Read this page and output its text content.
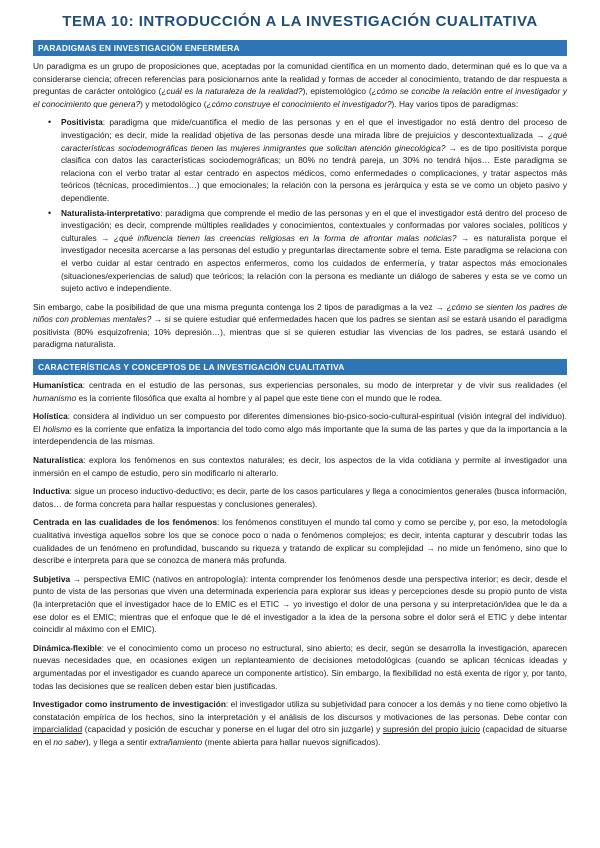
TEMA 10: INTRODUCCIÓN A LA INVESTIGACIÓN CUALITATIVA
PARADIGMAS EN INVESTIGACIÓN ENFERMERA

Un paradigma es un grupo de proposiciones que, aceptadas por la comunidad científica en un momento dado, determinan qué es lo que va a considerarse ciencia; ofrecen referencias para posicionarnos ante la realidad y formas de acceder al conocimiento, tratando de dar respuesta a preguntas de carácter ontológico (¿cuál es la naturaleza de la realidad?), epistemológico (¿cómo se concibe la relación entre el investigador y el conocimiento que genera?) y metodológico (¿cómo construye el conocimiento el investigador?). Hay varios tipos de paradigmas:

• Positivista: paradigma que mide/cuantifica el medio de las personas y en el que el investigador no está dentro del proceso de investigación; es decir, mide la realidad objetiva de las personas desde una mirada libre de prejuicios y descontextualizada → ¿qué características sociodemográficas tienen las mujeres inmigrantes que solicitan atención ginecológica? → es de tipo positivista porque clasifica con datos las características sociodemográficas; un 80% no tendrá pareja, un 30% no tendrá hijos… Este paradigma se relaciona con el verbo tratar al estar centrado en aspectos médicos, como enfermedades o complicaciones, y tratar aspectos más teóricos (técnicas, procedimientos…) que emocionales; la relación con la persona es jerárquica y esta se ve como un objeto pasivo y dependiente.
• Naturalista-interpretativo: paradigma que comprende el medio de las personas y en el que el investigador está dentro del proceso de investigación; es decir, comprende múltiples realidades y conocimientos, contextuales y conformadas por valores sociales, políticos y culturales → ¿qué influencia tienen las creencias religiosas en la forma de afrontar malas noticias? → es naturalista porque el investigador necesita acercarse a las personas del estudio y preguntarlas directamente sobre el tema. Este paradigma se relaciona con el verbo cuidar al estar centrado en aspectos enfermeros, como los cuidados de enfermería, y tratar aspectos más emocionales (situaciones/experiencias de salud) que teóricos; la relación con la persona es mediante un diálogo de saberes y esta se ve como un sujeto activo e independiente.

Sin embargo, cabe la posibilidad de que una misma pregunta contenga los 2 tipos de paradigmas a la vez → ¿cómo se sienten los padres de niños con problemas mentales? → si se quiere estudiar qué enfermedades hacen que los padres se sientan así se estará usando el paradigma positivista (80% esquizofrenia; 10% depresión…), mientras que si se quieren estudiar las vivencias de los padres, se estará usando el paradigma naturalista.

CARACTERÍSTICAS Y CONCEPTOS DE LA INVESTIGACIÓN CUALITATIVA

Humanística: centrada en el estudio de las personas, sus experiencias personales, su modo de interpretar y de vivir sus realidades (el humanismo es la corriente filosófica que exalta al hombre y al papel que este tiene con el mundo que le rodea.

Holística: considera al individuo un ser compuesto por diferentes dimensiones bio-psico-socio-cultural-espiritual (visión integral del individuo). El holismo es la corriente que enfatiza la importancia del todo como algo más importante que la suma de las partes y que da la importancia a la interdependencia de las mismas.

Naturalística: explora los fenómenos en sus contextos naturales; es decir, los aspectos de la vida cotidiana y permite al investigador una inmersión en el campo de estudio, pero sin modificarlo ni alterarlo.

Inductiva: sigue un proceso inductivo-deductivo; es decir, parte de los casos particulares y llega a conocimientos generales (busca información, datos… de forma concreta para hallar respuestas y conclusiones generales).

Centrada en las cualidades de los fenómenos: los fenómenos constituyen el mundo tal como y como se percibe y, por eso, la metodología cualitativa investiga aquellos sobre los que se conoce poco o nada o fenómenos complejos; es decir, intenta capturar y descubrir todas las cualidades de un fenómeno en profundidad, buscando su riqueza y tratando de explicar su complejidad → no mide un fenómeno, sino que lo describe e interpreta para que se conozca de manera más profunda.

Subjetiva → perspectiva EMIC (nativos en antropología): intenta comprender los fenómenos desde una perspectiva interior; es decir, desde el punto de vista de las personas que viven una determinada experiencia para explorar sus ideas y percepciones desde su propio punto de vista (la interpretación que el investigador hace de lo EMIC es el ETIC → yo investigo el dolor de una persona y su interpretación/idea que le da a ese dolor es el EMIC; mientras que el enfoque que le dé el investigador a la idea de la persona sobre el dolor será el ETIC y debe intentar coincidir al máximo con el EMIC).

Dinámica-flexible: ve el conocimiento como un proceso no estructural, sino abierto; es decir, según se desarrolla la investigación, aparecen nuevas necesidades que, en ocasiones exigen un replanteamiento de decisiones metodológicas (cuando se aplican técnicas ideadas y argumentadas por el investigador es cuando aparece un componente artístico). Sin embargo, la flexibilidad no está exenta de rigor y, por tanto, todas las decisiones que se realicen deben estar bien justificadas.

Investigador como instrumento de investigación: el investigador utiliza su subjetividad para conocer a los demás y no tiene como objetivo la constatación empírica de los hechos, sino la interpretación y el análisis de los discursos y motivaciones de las personas. Debe contar con imparcialidad (capacidad y posición de escuchar y ponerse en el lugar del otro sin juzgarle) y supresión del propio juicio (capacidad de situarse en el no saber), y llega a sentir extrañamiento (mente abierta para hallar nuevos significados).
